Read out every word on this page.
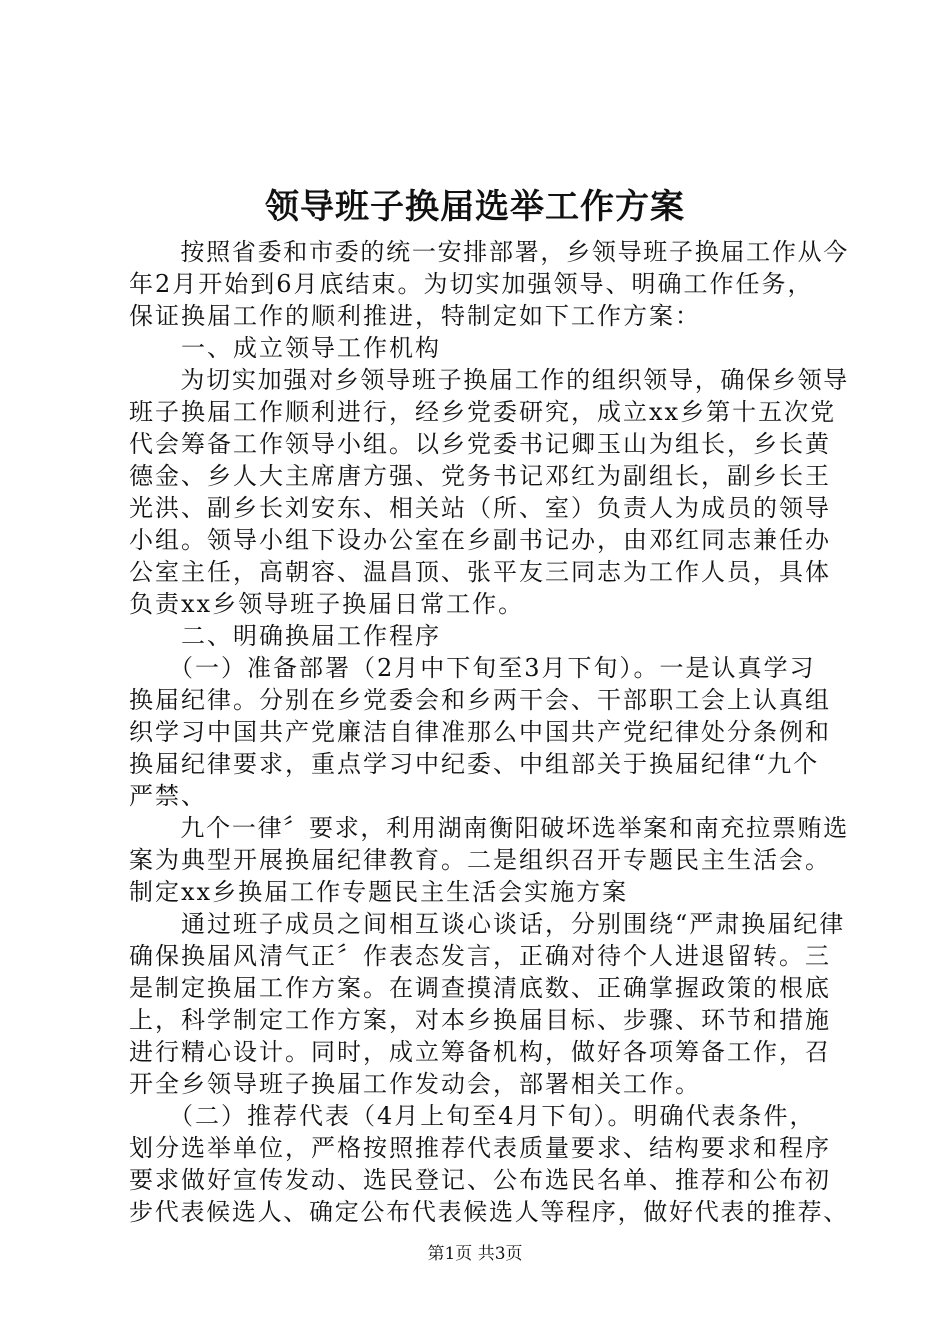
领导班子换届选举工作方案
　　按照省委和市委的统一安排部署，乡领导班子换届工作从今
年2月开始到6月底结束。为切实加强领导、明确工作任务，
保证换届工作的顺利推进，特制定如下工作方案：
　　一、成立领导工作机构
　　为切实加强对乡领导班子换届工作的组织领导，确保乡领导
班子换届工作顺利进行，经乡党委研究，成立xx乡第十五次党
代会筹备工作领导小组。以乡党委书记卿玉山为组长，乡长黄
德金、乡人大主席唐方强、党务书记邓红为副组长，副乡长王
光洪、副乡长刘安东、相关站（所、室）负责人为成员的领导
小组。领导小组下设办公室在乡副书记办，由邓红同志兼任办
公室主任，高朝容、温昌顶、张平友三同志为工作人员，具体
负责xx乡领导班子换届日常工作。
　　二、明确换届工作程序
　　（一）准备部署（2月中下旬至3月下旬）。一是认真学习
换届纪律。分别在乡党委会和乡两干会、干部职工会上认真组
织学习中国共产党廉洁自律准那么中国共产党纪律处分条例和
换届纪律要求，重点学习中纪委、中组部关于换届纪律“九个
严禁、
　　九个一律〞要求，利用湖南衡阳破坏选举案和南充拉票贿选
案为典型开展换届纪律教育。二是组织召开专题民主生活会。
制定xx乡换届工作专题民主生活会实施方案
　　通过班子成员之间相互谈心谈话，分别围绕“严肃换届纪律
确保换届风清气正〞作表态发言，正确对待个人进退留转。三
是制定换届工作方案。在调查摸清底数、正确掌握政策的根底
上，科学制定工作方案，对本乡换届目标、步骤、环节和措施
进行精心设计。同时，成立筹备机构，做好各项筹备工作，召
开全乡领导班子换届工作发动会，部署相关工作。
　　（二）推荐代表（4月上旬至4月下旬）。明确代表条件，
划分选举单位，严格按照推荐代表质量要求、结构要求和程序
要求做好宣传发动、选民登记、公布选民名单、推荐和公布初
步代表候选人、确定公布代表候选人等程序，做好代表的推荐、
第1页 共3页
